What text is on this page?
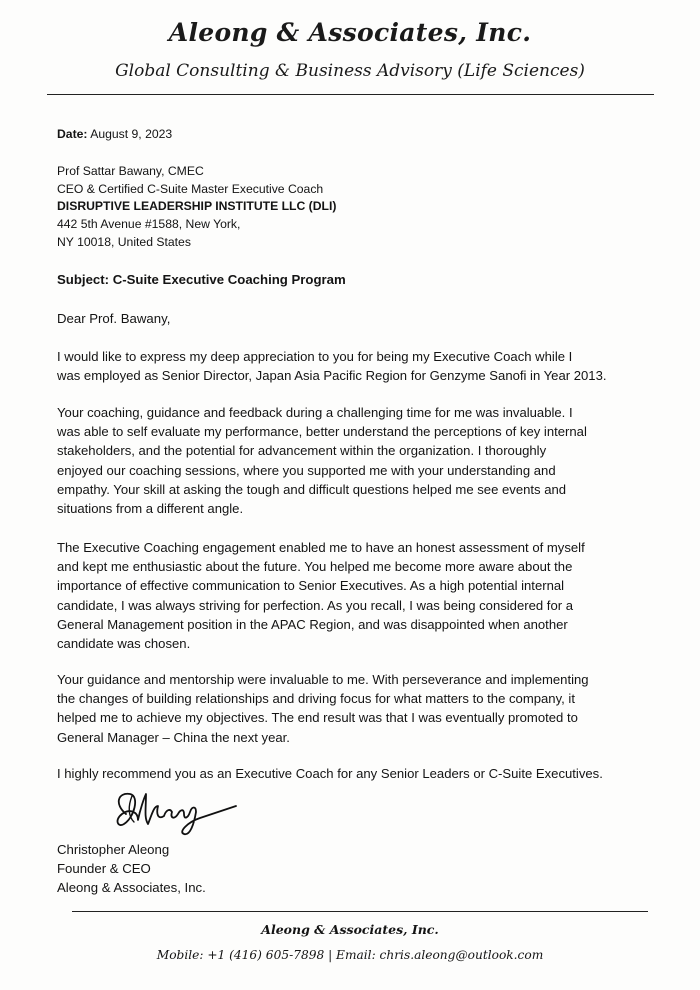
Aleong & Associates, Inc.
Global Consulting & Business Advisory (Life Sciences)
Date: August 9, 2023
Prof Sattar Bawany, CMEC
CEO & Certified C-Suite Master Executive Coach
DISRUPTIVE LEADERSHIP INSTITUTE LLC (DLI)
442 5th Avenue #1588, New York,
NY 10018, United States
Subject: C-Suite Executive Coaching Program
Dear Prof. Bawany,
I would like to express my deep appreciation to you for being my Executive Coach while I
was employed as Senior Director, Japan Asia Pacific Region for Genzyme Sanofi in Year 2013.
Your coaching, guidance and feedback during a challenging time for me was invaluable. I
was able to self evaluate my performance, better understand the perceptions of key internal
stakeholders, and the potential for advancement within the organization. I thoroughly
enjoyed our coaching sessions, where you supported me with your understanding and
empathy. Your skill at asking the tough and difficult questions helped me see events and
situations from a different angle.
The Executive Coaching engagement enabled me to have an honest assessment of myself
and kept me enthusiastic about the future. You helped me become more aware about the
importance of effective communication to Senior Executives. As a high potential internal
candidate, I was always striving for perfection. As you recall, I was being considered for a
General Management position in the APAC Region, and was disappointed when another
candidate was chosen.
Your guidance and mentorship were invaluable to me. With perseverance and implementing
the changes of building relationships and driving focus for what matters to the company, it
helped me to achieve my objectives. The end result was that I was eventually promoted to
General Manager – China the next year.
I highly recommend you as an Executive Coach for any Senior Leaders or C-Suite Executives.
Christopher Aleong
Founder & CEO
Aleong & Associates, Inc.
Aleong & Associates, Inc.
Mobile: +1 (416) 605-7898 | Email: chris.aleong@outlook.com
